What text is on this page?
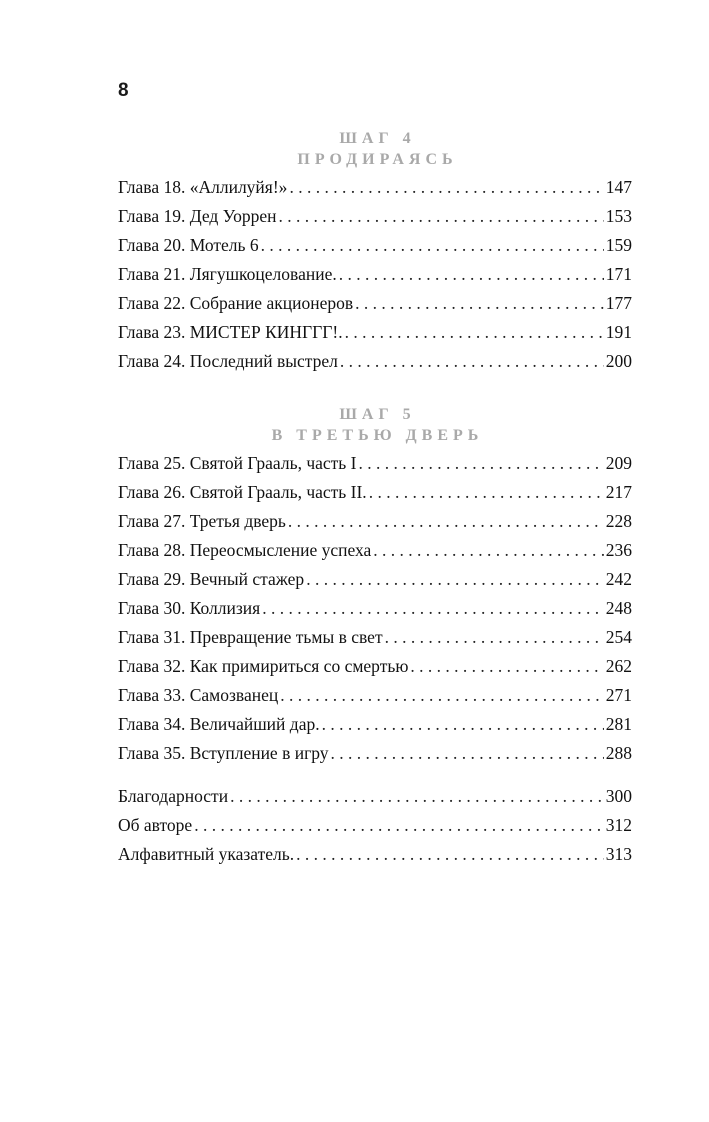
8
ШАГ 4
ПРОДИРАЯСЬ
Глава 18. «Аллилуйя!» . . .	147
Глава 19. Дед Уоррен . . .	153
Глава 20. Мотель 6 . . .	159
Глава 21. Лягушкоцелование. . . .	171
Глава 22. Собрание акционеров . . .	177
Глава 23. МИСТЕР КИНГГГ!. . . .	191
Глава 24. Последний выстрел . . .	200
ШАГ 5
В ТРЕТЬЮ ДВЕРЬ
Глава 25. Святой Грааль, часть I . . .	209
Глава 26. Святой Грааль, часть II. . . .	217
Глава 27. Третья дверь . . .	228
Глава 28. Переосмысление успеха . . .	236
Глава 29. Вечный стажер . . .	242
Глава 30. Коллизия . . .	248
Глава 31. Превращение тьмы в свет . . .	254
Глава 32. Как примириться со смертью . . .	262
Глава 33. Самозванец . . .	271
Глава 34. Величайший дар. . . .	281
Глава 35. Вступление в игру . . .	288
Благодарности . . .	300
Об авторе . . .	312
Алфавитный указатель. . . .	313
